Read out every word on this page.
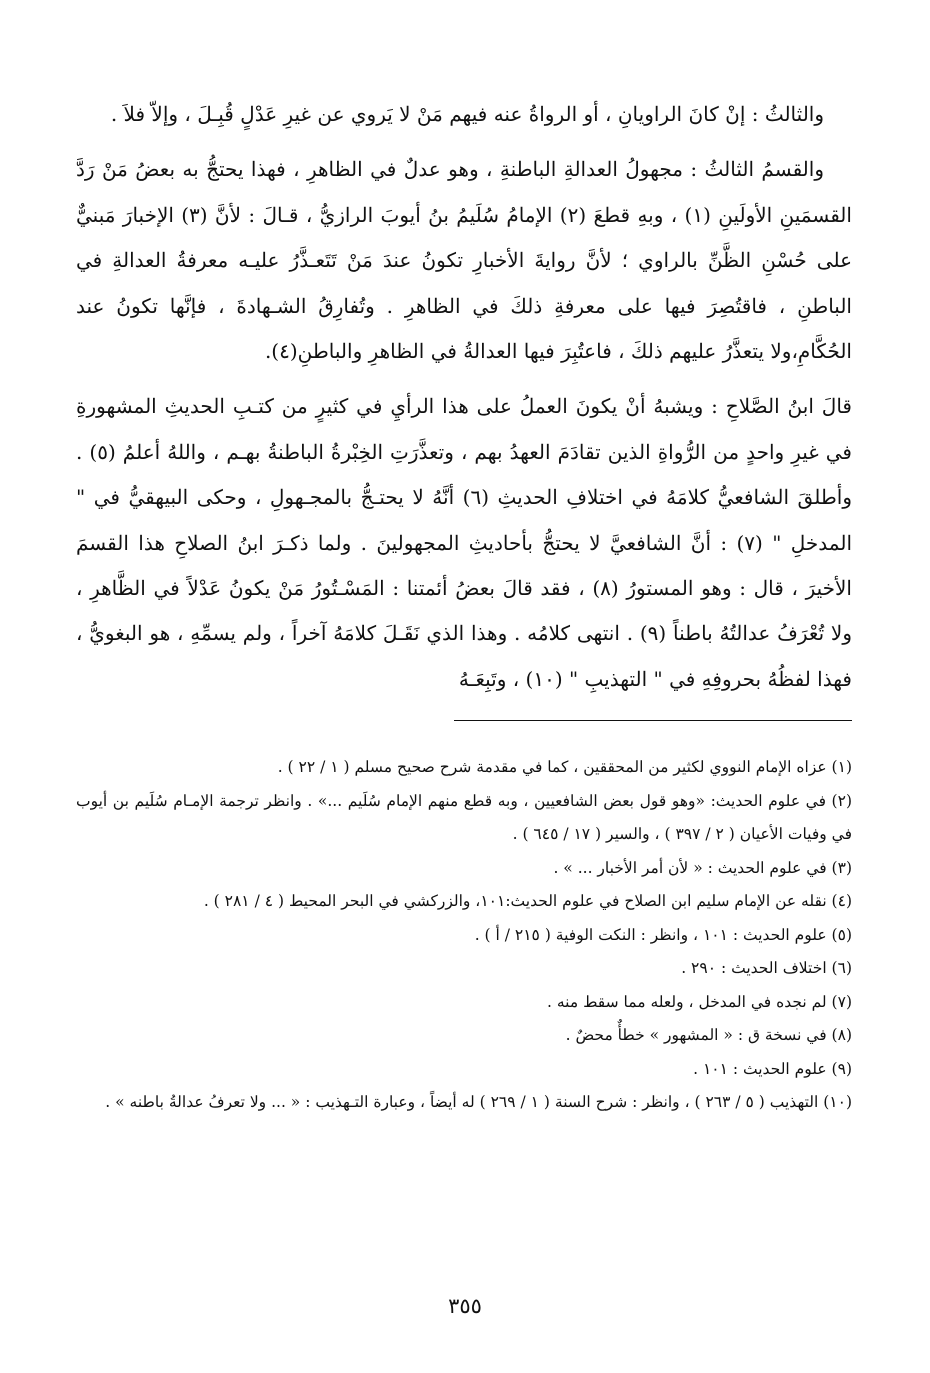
والثالثُ : إنْ كانَ الراويانِ ، أو الرواةُ عنه فيهم مَنْ لا يَروي عن غيرِ عَدْلٍ قُبِـلَ ، وإلاّ فلاَ .

والقسمُ الثالثُ : مجهولُ العدالةِ الباطنةِ ، وهو عدلٌ في الظاهرِ ، فهذا يحتجُّ به بعضُ مَنْ رَدَّ القسمَينِ الأولَينِ (١) ، وبهِ قطعَ (٢) الإمامُ سُلَيمُ بنُ أيوبَ الرازيُّ ، قـالَ : لأنَّ (٣) الإخبارَ مَبنيٌّ على حُسْنِ الظَّنِّ بالراوي ؛ لأنَّ روايةَ الأخبارِ تكونُ عندَ مَنْ تَتَعـذَّرُ عليـه معرفةُ العدالةِ في الباطنِ ، فاقتُصِرَ فيها على معرفةِ ذلكَ في الظاهرِ . وتُفارِقُ الشـهادةَ ، فإنَّها تكونُ عند الحُكَّامِ،ولا يتعذَّرُ عليهم ذلكَ ، فاعتُبِرَ فيها العدالةُ في الظاهرِ والباطنِ(٤).

قالَ ابنُ الصَّلاحِ : ويشبهُ أنْ يكونَ العملُ على هذا الرأيِ في كثيرٍ من كتـبِ الحديثِ المشهورةِ في غيرِ واحدٍ من الرُّواةِ الذين تقادَمَ العهدُ بهم ، وتعذَّرَتِ الخِبْرةُ الباطنةُ بهـم ، واللهُ أعلمُ (٥) . وأطلقَ الشافعيُّ كلامَهُ في اختلافِ الحديثِ (٦) أنَّهُ لا يحتـجُّ بالمجـهولِ ، وحكى البيهقيُّ في " المدخلِ " (٧) : أنَّ الشافعيَّ لا يحتجُّ بأحاديثِ المجهولينَ . ولما ذكـرَ ابنُ الصلاحِ هذا القسمَ الأخيرَ ، قال : وهو المستورُ (٨) ، فقد قالَ بعضُ أئمتنا : المَسْـتُورُ مَنْ يكونُ عَدْلاً في الظَّاهرِ ، ولا تُعْرَفُ عدالتُهُ باطناً (٩) . انتهى كلامُه . وهذا الذي نَقَـلَ كلامَهُ آخراً ، ولم يسمِّهِ ، هو البغويُّ ، فهذا لفظُهُ بحروفِهِ في " التهذيبِ " (١٠) ، وتَبِعَـهُ

(١) عزاه الإمام النووي لكثير من المحققين ، كما في مقدمة شرح صحيح مسلم ( ١ / ٢٢ ) .

(٢) في علوم الحديث: «وهو قول بعض الشافعيين ، وبه قطع منهم الإمام سُلَيم ...» . وانظر ترجمة الإمـام سُلَيم بن أيوب في وفيات الأعيان ( ٢ / ٣٩٧ ) ، والسير ( ١٧ / ٦٤٥ ) .

(٣) في علوم الحديث : « لأن أمر الأخبار ... » .

(٤) نقله عن الإمام سليم ابن الصلاح في علوم الحديث:١٠١، والزركشي في البحر المحيط ( ٤ / ٢٨١ ) .

(٥) علوم الحديث : ١٠١ ، وانظر : النكت الوفية ( ٢١٥ / أ ) .

(٦) اختلاف الحديث : ٢٩٠ .

(٧) لم نجده في المدخل ، ولعله مما سقط منه .

(٨) في نسخة ق : « المشهور » خطأٌ محضٌ .

(٩) علوم الحديث : ١٠١ .

(١٠) التهذيب ( ٥ / ٢٦٣ ) ، وانظر : شرح السنة ( ١ / ٢٦٩ ) له أيضاً ، وعبارة التـهذيب : « ... ولا تعرفُ عدالةُ باطنه » .

٣٥٥
